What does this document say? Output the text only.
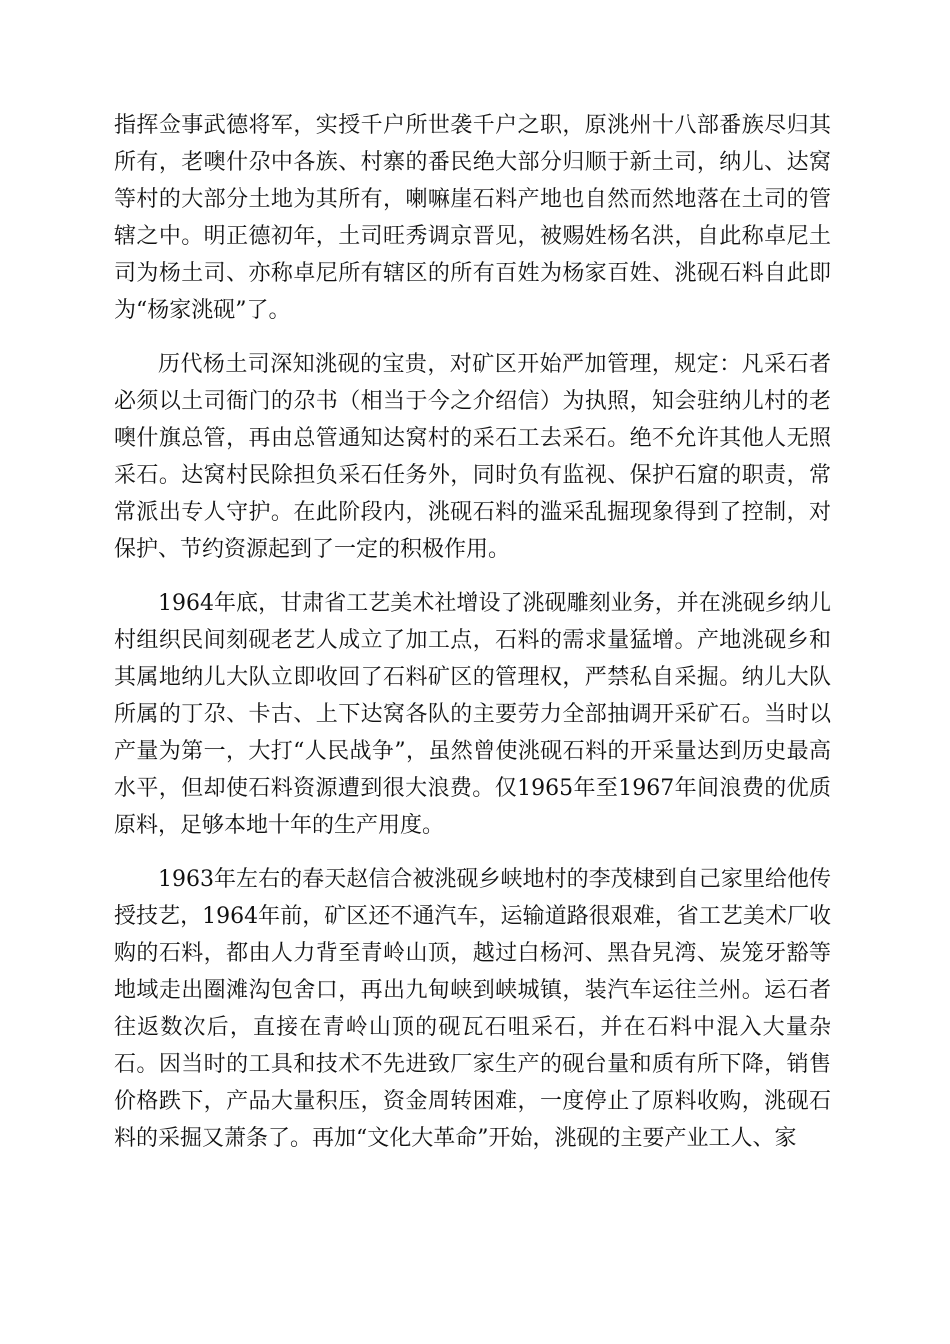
指挥佥事武德将军，实授千户所世袭千户之职，原洮州十八部番族尽归其所有，老噢什尕中各族、村寨的番民绝大部分归顺于新土司，纳儿、达窝等村的大部分土地为其所有，喇嘛崖石料产地也自然而然地落在土司的管辖之中。明正德初年，土司旺秀调京晋见，被赐姓杨名洪，自此称卓尼土司为杨土司、亦称卓尼所有辖区的所有百姓为杨家百姓、洮砚石料自此即为“杨家洮砚”了。

历代杨土司深知洮砚的宝贵，对矿区开始严加管理，规定：凡采石者必须以土司衙门的尕书（相当于今之介绍信）为执照，知会驻纳儿村的老噢什旗总管，再由总管通知达窝村的采石工去采石。绝不允许其他人无照采石。达窝村民除担负采石任务外，同时负有监视、保护石窟的职责，常常派出专人守护。在此阶段内，洮砚石料的滥采乱掘现象得到了控制，对保护、节约资源起到了一定的积极作用。

1964年底，甘肃省工艺美术社增设了洮砚雕刻业务，并在洮砚乡纳儿村组织民间刻砚老艺人成立了加工点，石料的需求量猛增。产地洮砚乡和其属地纳儿大队立即收回了石料矿区的管理权，严禁私自采掘。纳儿大队所属的丁尕、卡古、上下达窝各队的主要劳力全部抽调开采矿石。当时以产量为第一，大打“人民战争”，虽然曾使洮砚石料的开采量达到历史最高水平，但却使石料资源遭到很大浪费。仅1965年至1967年间浪费的优质原料，足够本地十年的生产用度。

1963年左右的春天赵信合被洮砚乡峡地村的李茂棣到自己家里给他传授技艺，1964年前，矿区还不通汽车，运输道路很艰难，省工艺美术厂收购的石料，都由人力背至青岭山顶，越过白杨河、黑旮旯湾、炭笼牙豁等地域走出圈滩沟包舍口，再出九甸峡到峡城镇，装汽车运往兰州。运石者往返数次后，直接在青岭山顶的砚瓦石咀采石，并在石料中混入大量杂石。因当时的工具和技术不先进致厂家生产的砚台量和质有所下降，销售价格跌下，产品大量积压，资金周转困难，一度停止了原料收购，洮砚石料的采掘又萧条了。再加“文化大革命”开始，洮砚的主要产业工人、家
